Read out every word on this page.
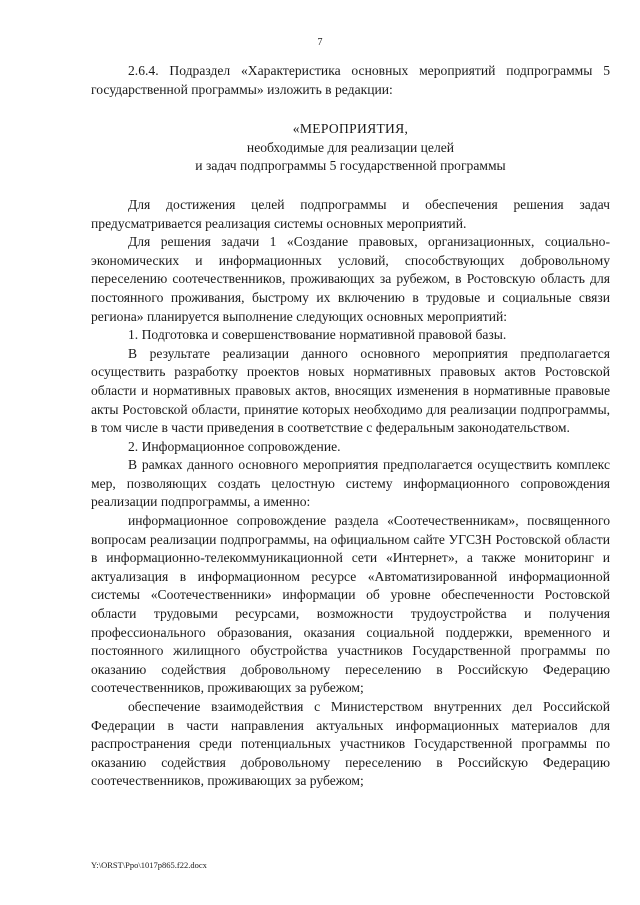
7

2.6.4. Подраздел «Характеристика основных мероприятий подпрограммы 5 государственной программы» изложить в редакции:

«МЕРОПРИЯТИЯ,
необходимые для реализации целей
и задач подпрограммы 5 государственной программы

Для достижения целей подпрограммы и обеспечения решения задач предусматривается реализация системы основных мероприятий.

Для решения задачи 1 «Создание правовых, организационных, социально-экономических и информационных условий, способствующих добровольному переселению соотечественников, проживающих за рубежом, в Ростовскую область для постоянного проживания, быстрому их включению в трудовые и социальные связи региона» планируется выполнение следующих основных мероприятий:

1. Подготовка и совершенствование нормативной правовой базы.

В результате реализации данного основного мероприятия предполагается осуществить разработку проектов новых нормативных правовых актов Ростовской области и нормативных правовых актов, вносящих изменения в нормативные правовые акты Ростовской области, принятие которых необходимо для реализации подпрограммы, в том числе в части приведения в соответствие с федеральным законодательством.

2. Информационное сопровождение.

В рамках данного основного мероприятия предполагается осуществить комплекс мер, позволяющих создать целостную систему информационного сопровождения реализации подпрограммы, а именно:

информационное сопровождение раздела «Соотечественникам», посвященного вопросам реализации подпрограммы, на официальном сайте УГСЗН Ростовской области в информационно-телекоммуникационной сети «Интернет», а также мониторинг и актуализация в информационном ресурсе «Автоматизированной информационной системы «Соотечественники» информации об уровне обеспеченности Ростовской области трудовыми ресурсами, возможности трудоустройства и получения профессионального образования, оказания социальной поддержки, временного и постоянного жилищного обустройства участников Государственной программы по оказанию содействия добровольному переселению в Российскую Федерацию соотечественников, проживающих за рубежом;

обеспечение взаимодействия с Министерством внутренних дел Российской Федерации в части направления актуальных информационных материалов для распространения среди потенциальных участников Государственной программы по оказанию содействия добровольному переселению в Российскую Федерацию соотечественников, проживающих за рубежом;

Y:\ORST\Ppo\1017p865.f22.docx
